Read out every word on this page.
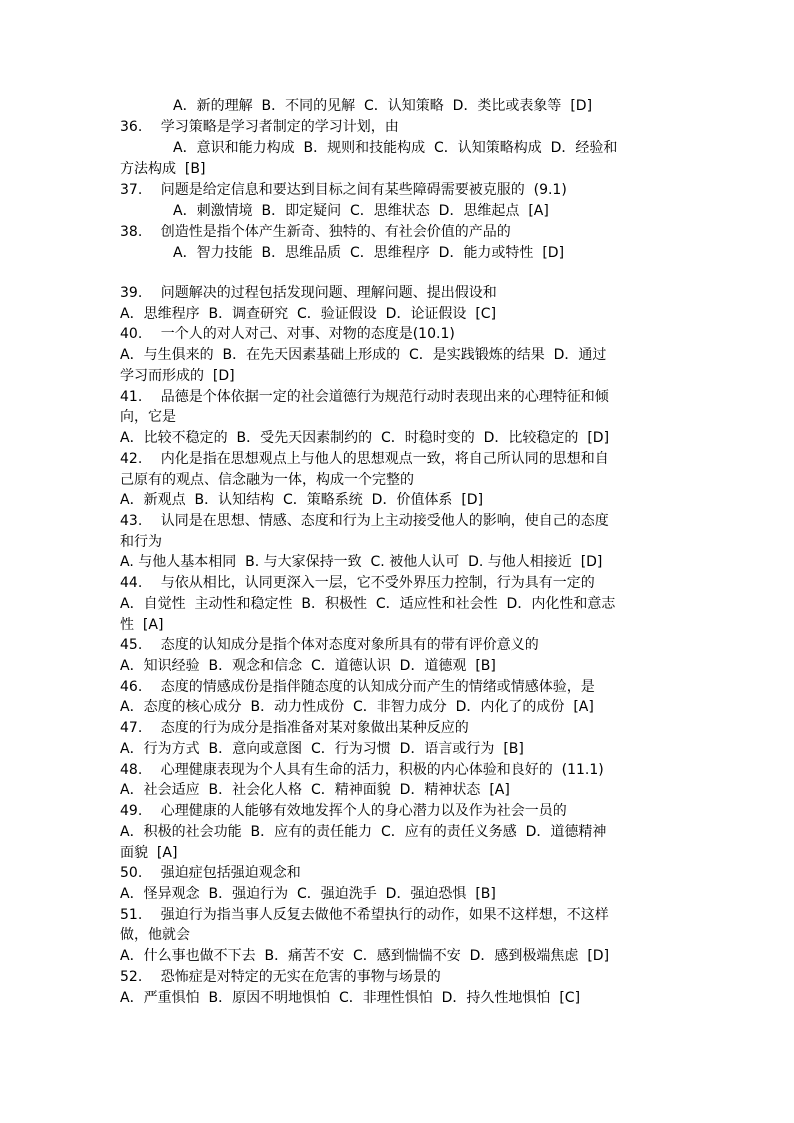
A．新的理解  B．不同的见解  C．认知策略  D．类比或表象等  [D]
36.　 学习策略是学习者制定的学习计划，由
A．意识和能力构成  B．规则和技能构成  C．认知策略构成  D．经验和
方法构成  [B]
37.　 问题是给定信息和要达到目标之间有某些障碍需要被克服的  (9.1)
A．刺激情境  B．即定疑问  C．思维状态  D．思维起点  [A]
38.　 创造性是指个体产生新奇、独特的、有社会价值的产品的
A．智力技能  B．思维品质  C．思维程序  D．能力或特性  [D]
39.　 问题解决的过程包括发现问题、理解问题、提出假设和
A．思维程序  B．调查研究  C．验证假设  D．论证假设  [C]
40.　 一个人的对人对己、对事、对物的态度是(10.1)
A．与生俱来的  B．在先天因素基础上形成的  C．是实践锻炼的结果  D．通过
学习而形成的  [D]
41.　 品德是个体依据一定的社会道德行为规范行动时表现出来的心理特征和倾
向，它是
A．比较不稳定的  B．受先天因素制约的  C．时稳时变的  D．比较稳定的  [D]
42.　 内化是指在思想观点上与他人的思想观点一致，将自己所认同的思想和自
己原有的观点、信念融为一体，构成一个完整的
A．新观点  B．认知结构  C．策略系统  D．价值体系  [D]
43.　 认同是在思想、情感、态度和行为上主动接受他人的影响，使自己的态度
和行为
A. 与他人基本相同  B. 与大家保持一致  C. 被他人认可  D. 与他人相接近  [D]
44.　 与依从相比，认同更深入一层，它不受外界压力控制，行为具有一定的
A．自觉性  主动性和稳定性  B．积极性  C．适应性和社会性  D．内化性和意志
性  [A]
45.　 态度的认知成分是指个体对态度对象所具有的带有评价意义的
A．知识经验  B．观念和信念  C．道德认识  D．道德观  [B]
46.　 态度的情感成份是指伴随态度的认知成分而产生的情绪或情感体验，是
A．态度的核心成分  B．动力性成份  C．非智力成分  D．内化了的成份  [A]
47.　 态度的行为成分是指准备对某对象做出某种反应的
A．行为方式  B．意向或意图  C．行为习惯  D．语言或行为  [B]
48.　 心理健康表现为个人具有生命的活力，积极的内心体验和良好的  (11.1)
A．社会适应  B．社会化人格  C．精神面貌  D．精神状态  [A]
49.　 心理健康的人能够有效地发挥个人的身心潜力以及作为社会一员的
A．积极的社会功能  B．应有的责任能力  C．应有的责任义务感  D．道德精神
面貌  [A]
50.　 强迫症包括强迫观念和
A．怪异观念  B．强迫行为  C．强迫洗手  D．强迫恐惧  [B]
51.　 强迫行为指当事人反复去做他不希望执行的动作，如果不这样想，不这样
做，他就会
A．什么事也做不下去  B．痛苦不安  C．感到惴惴不安  D．感到极端焦虑  [D]
52.　 恐怖症是对特定的无实在危害的事物与场景的
A．严重惧怕  B．原因不明地惧怕  C．非理性惧怕  D．持久性地惧怕  [C]
